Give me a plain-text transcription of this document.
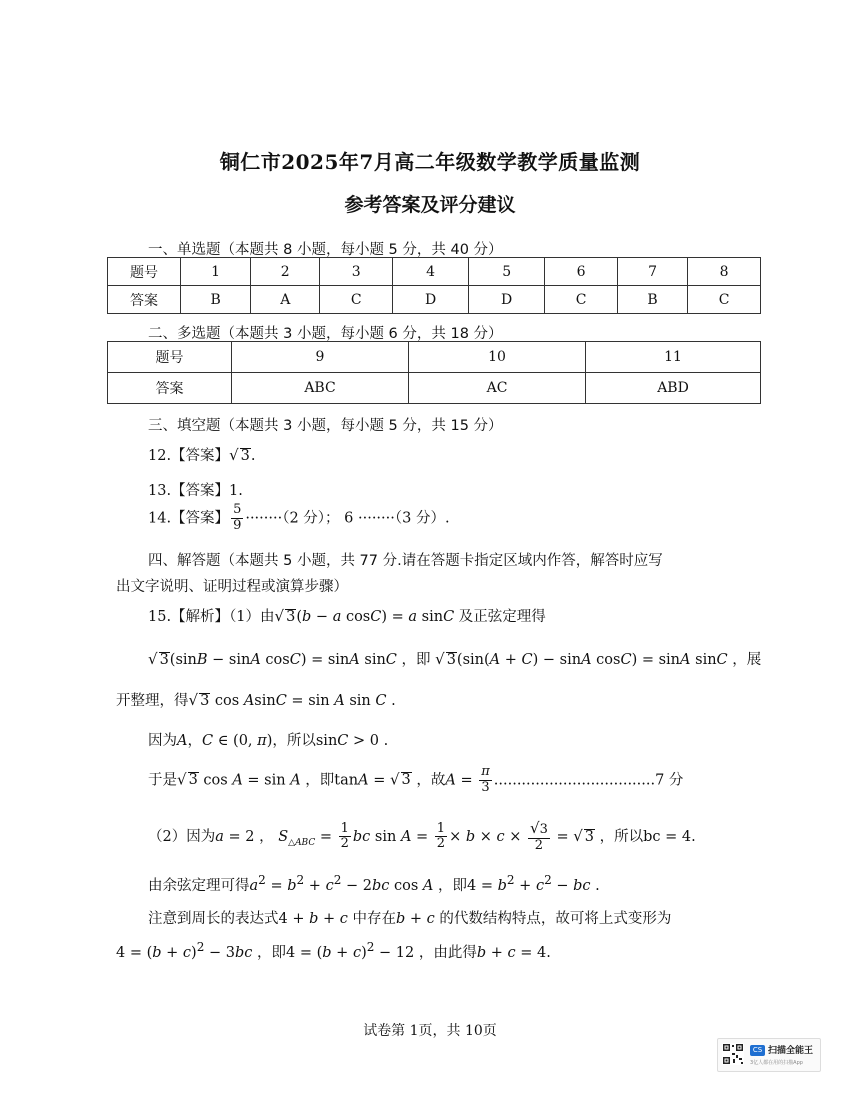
铜仁市2025年7月高二年级数学教学质量监测
参考答案及评分建议
一、单选题（本题共 8 小题，每小题 5 分，共 40 分）
题号	1	2	3	4	5	6	7	8
答案	B	A	C	D	D	C	B	C
二、多选题（本题共 3 小题，每小题 6 分，共 18 分）
题号	9	10	11
答案	ABC	AC	ABD
三、填空题（本题共 3 小题，每小题 5 分，共 15 分）
12.【答案】√ 3.
13.【答案】1.
14.【答案】 $\frac{5}{9} \cdot\cdot\cdot\cdot\cdot\cdot\cdot\cdot(2$ 分）； 6 ········（3 分）.
四、解答题（本题共 5 小题，共 77 分.请在答题卡指定区域内作答，解答时应写
出文字说明、证明过程或演算步骤）
15.【解析】（1）由√ 3(b − a cosC) = a sinC 及正弦定理得
√ 3(sinB − sinA cosC) = sinA sinC ，即 √ 3(sin(A + C) − sinA cosC) = sinA sinC ，展
开整理，得√ 3 cos AsinC = sin A sin C .
因为A，C ∈ (0, π)，所以sinC > 0 .
于是√ 3 cos A = sin A ，即tanA = √ 3 ，故$A = \frac{\pi}{3} ...................................7$ 分
（2）因为a = 2 ， $S_{\triangle ABC} = \frac{1}{2}$ bc $\sin A = \frac{1}{2} \times b \times c \times \frac{√3}{2}$ = √ 3 ，所以bc = 4.
由余弦定理可得$a^2 = b^2 + c^2 - 2bc$ cos A ，即$4 = b^2 + c^2$ − bc .
注意到周长的表达式4 + b + c 中存在b + c 的代数结构特点，故可将上式变形为
$4 = (b + c)^2 - 3bc$ ，即$4 = (b + c)^2 - 12$ ，由此得b + c = 4.
试卷第 1页，共 10页
CS 扫描全能王
3亿人都在用的扫描App
